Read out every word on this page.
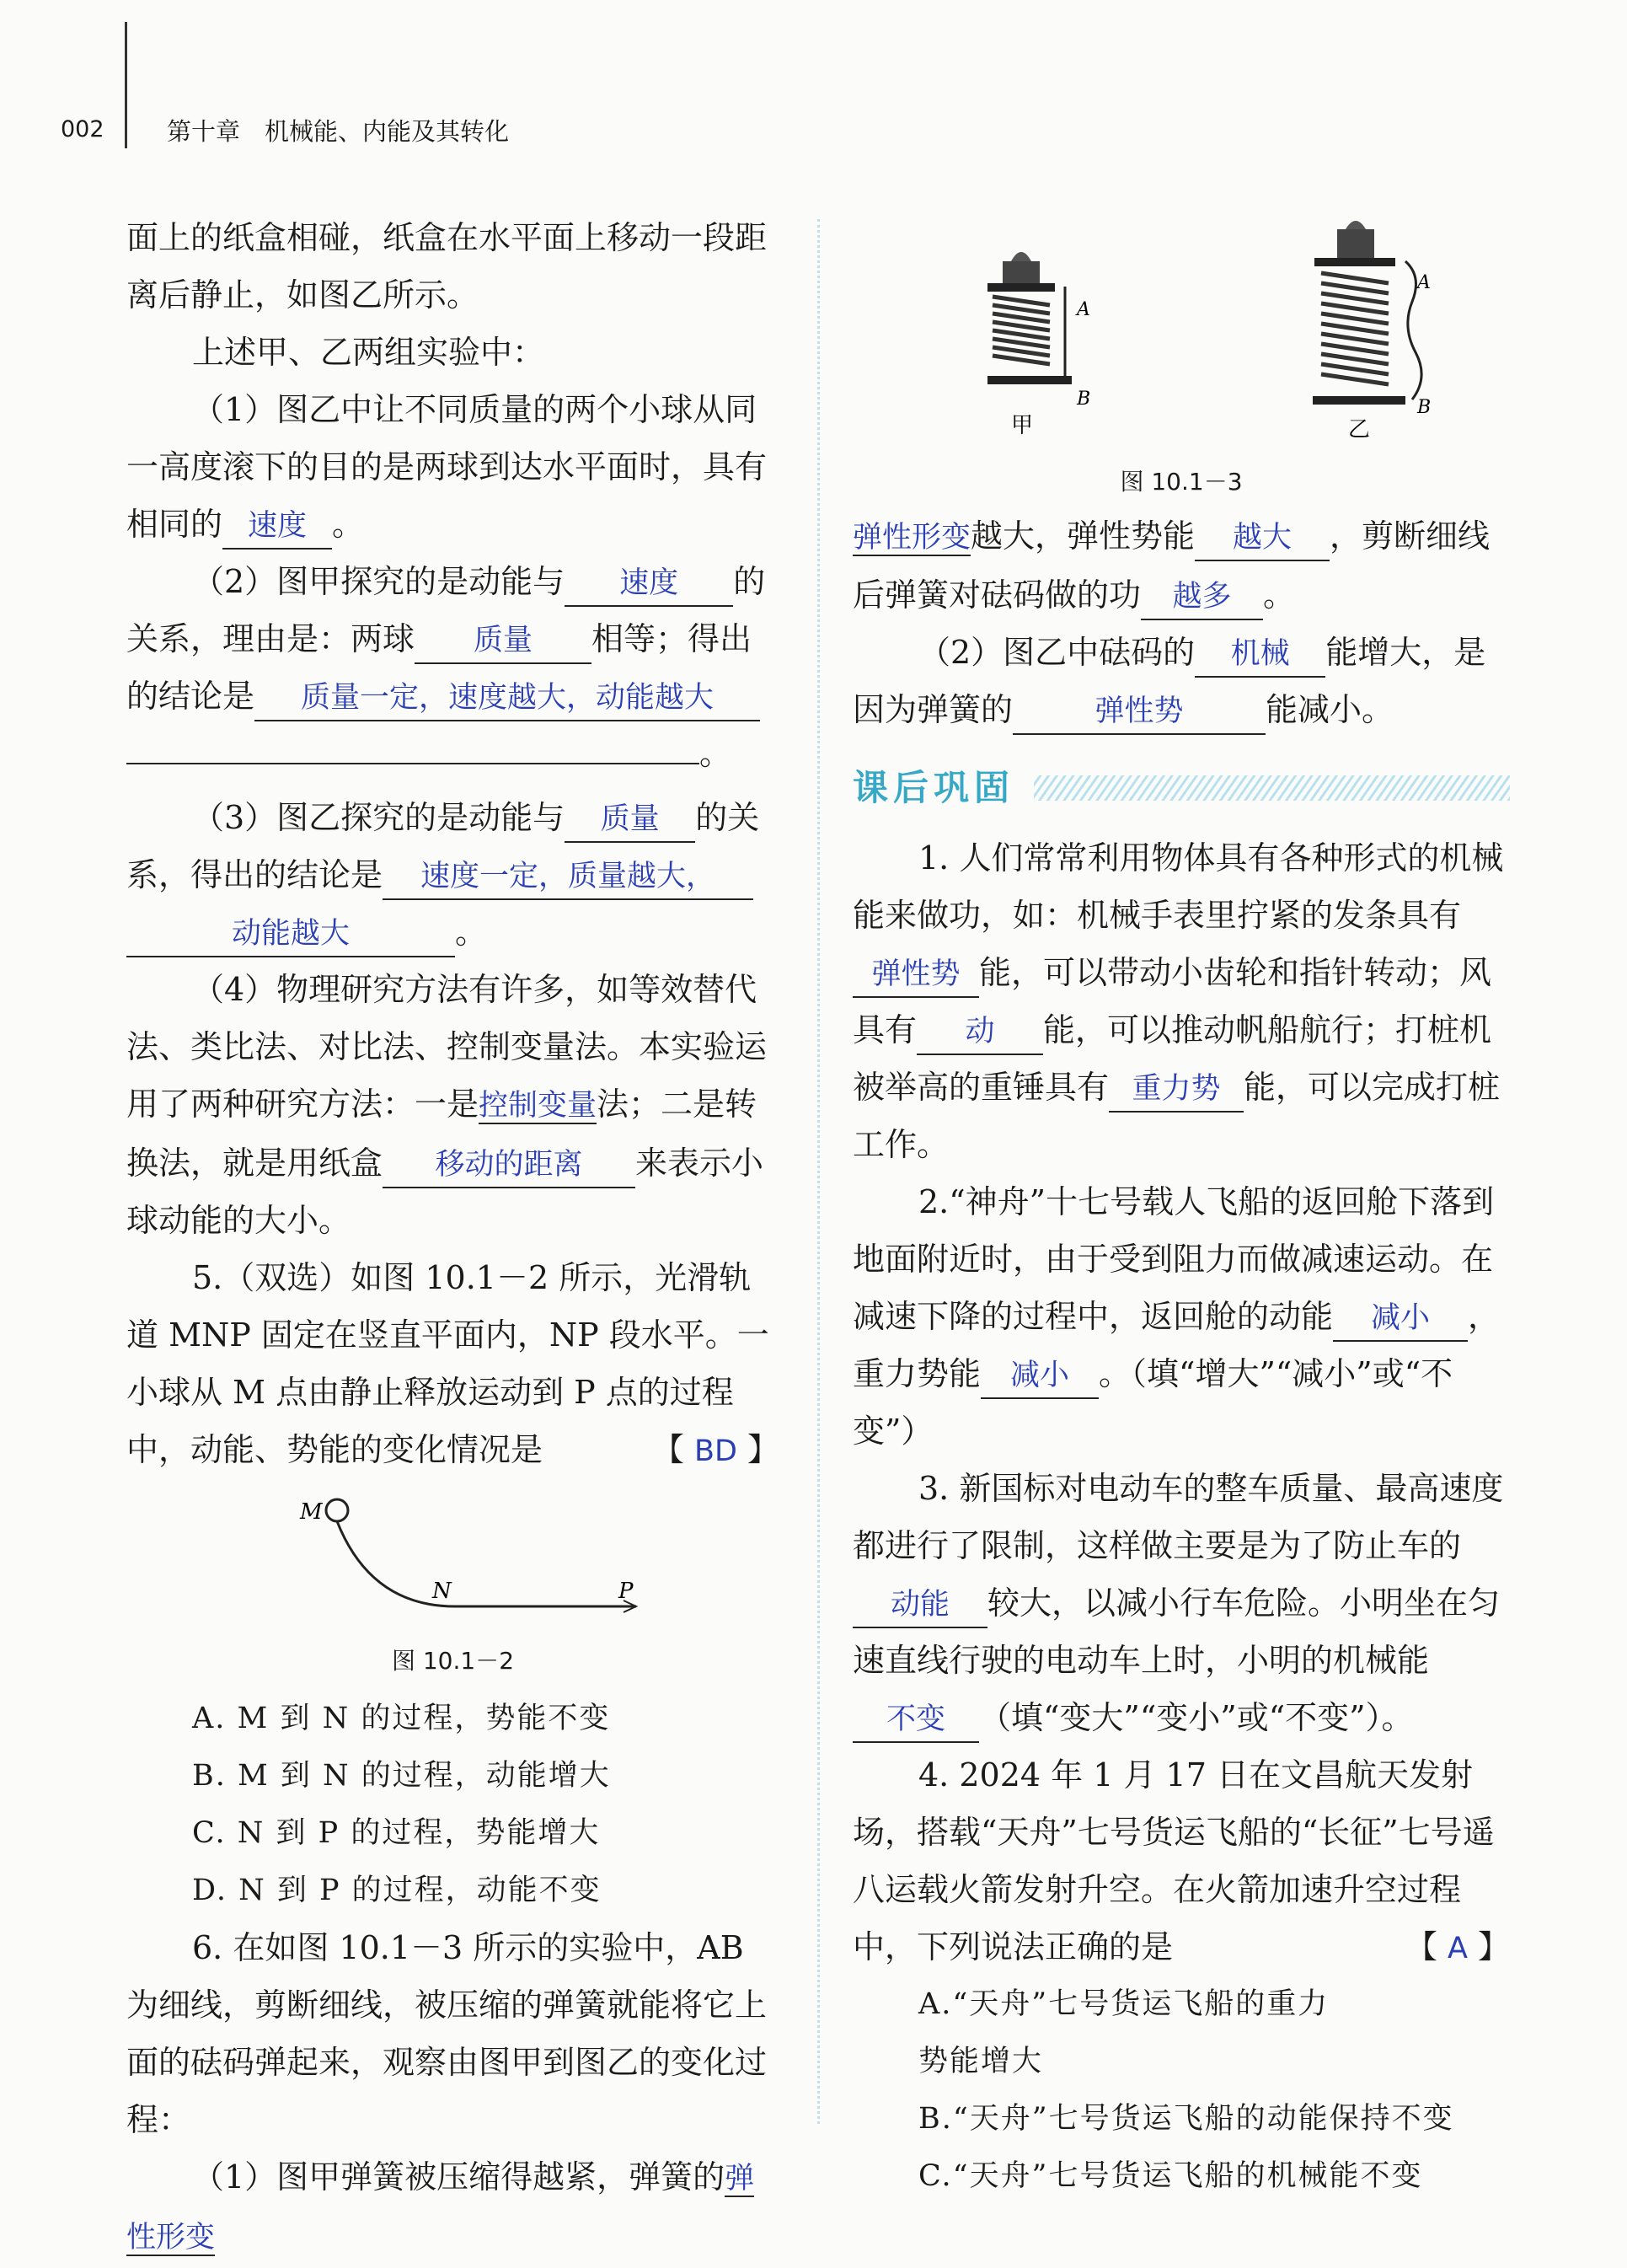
002	第十章　机械能、内能及其转化

面上的纸盒相碰，纸盒在水平面上移动一段距离后静止，如图乙所示。

上述甲、乙两组实验中：

（1）图乙中让不同质量的两个小球从同一高度滚下的目的是两球到达水平面时，具有相同的 速度 。

（2）图甲探究的是动能与 速度 的关系，理由是：两球 质量 相等；得出的结论是 质量一定，速度越大，动能越大。

（3）图乙探究的是动能与 质量 的关系，得出的结论是 速度一定，质量越大，动能越大	。

（4）物理研究方法有许多，如等效替代法、类比法、对比法、控制变量法。本实验运用了两种研究方法：一是控制变量法；二是转换法，就是用纸盒 移动的距离 来表示小球动能的大小。

5.（双选）如图 10.1－2 所示，光滑轨道 MNP 固定在竖直平面内，NP 段水平。一小球从 M 点由静止释放运动到 P 点的过程中，动能、势能的变化情况是	【 BD 】

M
N	P
图 10.1－2

A. M 到 N 的过程，势能不变

B. M 到 N 的过程，动能增大

C. N 到 P 的过程，势能增大

D. N 到 P 的过程，动能不变

6. 在如图 10.1－3 所示的实验中，AB 为细线，剪断细线，被压缩的弹簧就能将它上面的砝码弹起来，观察由图甲到图乙的变化过程：

（1）图甲弹簧被压缩得越紧，弹簧的弹性形变

A
B
甲
A
B
乙
图 10.1－3

弹性形变越大，弹性势能 越大 ，剪断细线后弹簧对砝码做的功 越多 。

（2）图乙中砝码的 机械 能增大，是因为弹簧的	弹性势	能减小。

课后巩固

1. 人们常常利用物体具有各种形式的机械能来做功，如：机械手表里拧紧的发条具有弹性势 能，可以带动小齿轮和指针转动；风具有 动 能，可以推动帆船航行；打桩机被举高的重锤具有 重力势 能，可以完成打桩工作。

2.“神舟”十七号载人飞船的返回舱下落到地面附近时，由于受到阻力而做减速运动。在减速下降的过程中，返回舱的动能 减小 ，重力势能 减小 。（填“增大”“减小”或“不变”）

3. 新国标对电动车的整车质量、最高速度都进行了限制，这样做主要是为了防止车的动能 较大，以减小行车危险。小明坐在匀速直线行驶的电动车上时，小明的机械能不变 （填“变大”“变小”或“不变”）。

4. 2024 年 1 月 17 日在文昌航天发射场，搭载“天舟”七号货运飞船的“长征”七号遥八运载火箭发射升空。在火箭加速升空过程中，下列说法正确的是	【 A 】

A.“天舟”七号货运飞船的重力势能增大

B.“天舟”七号货运飞船的动能保持不变

C.“天舟”七号货运飞船的机械能不变
